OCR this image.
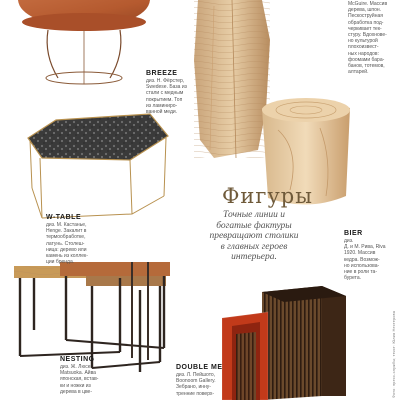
Фигуры
Точные линии и
богатые фактуры
превращают столики
в главных героев
интерьера.
BREEZE
диз. Н. Фёрстер,
Swedese. База из
стали с медным
покрытием. Топ
из ламиниро-
ванной меди.
McGuire. Массив
дерева, шпон.
Пескоструйная
обработка под-
черкивает тек-
стуру. Вдохнове-
но культурой
плохоизвест-
ных народов:
фоомами бара-
банов, тотемов,
алтарей.
W-TABLE
диз. М. Кастанье,
Henge. Закалит в
термообработке,
латунь. Столеш-
ница: дерево или
камень из коллек-
ции бренда.
BIER
диз.
Д. и М. Рива, Riva
1920. Массив
кедра. Возмож-
но использова-
ние в роли та-
бурета.
NESTING
диз. Ж. Люсе,
Matsuoka. Айва
японская, встав-
ки и ножки из
дерева в цве-
DOUBLE ME
диз. Л. Пейшото,
Boonoom Gallery.
Зебрано, инну-
тренние поверх-	Фото: пресс-службы; текст: Юлия Нестерова
